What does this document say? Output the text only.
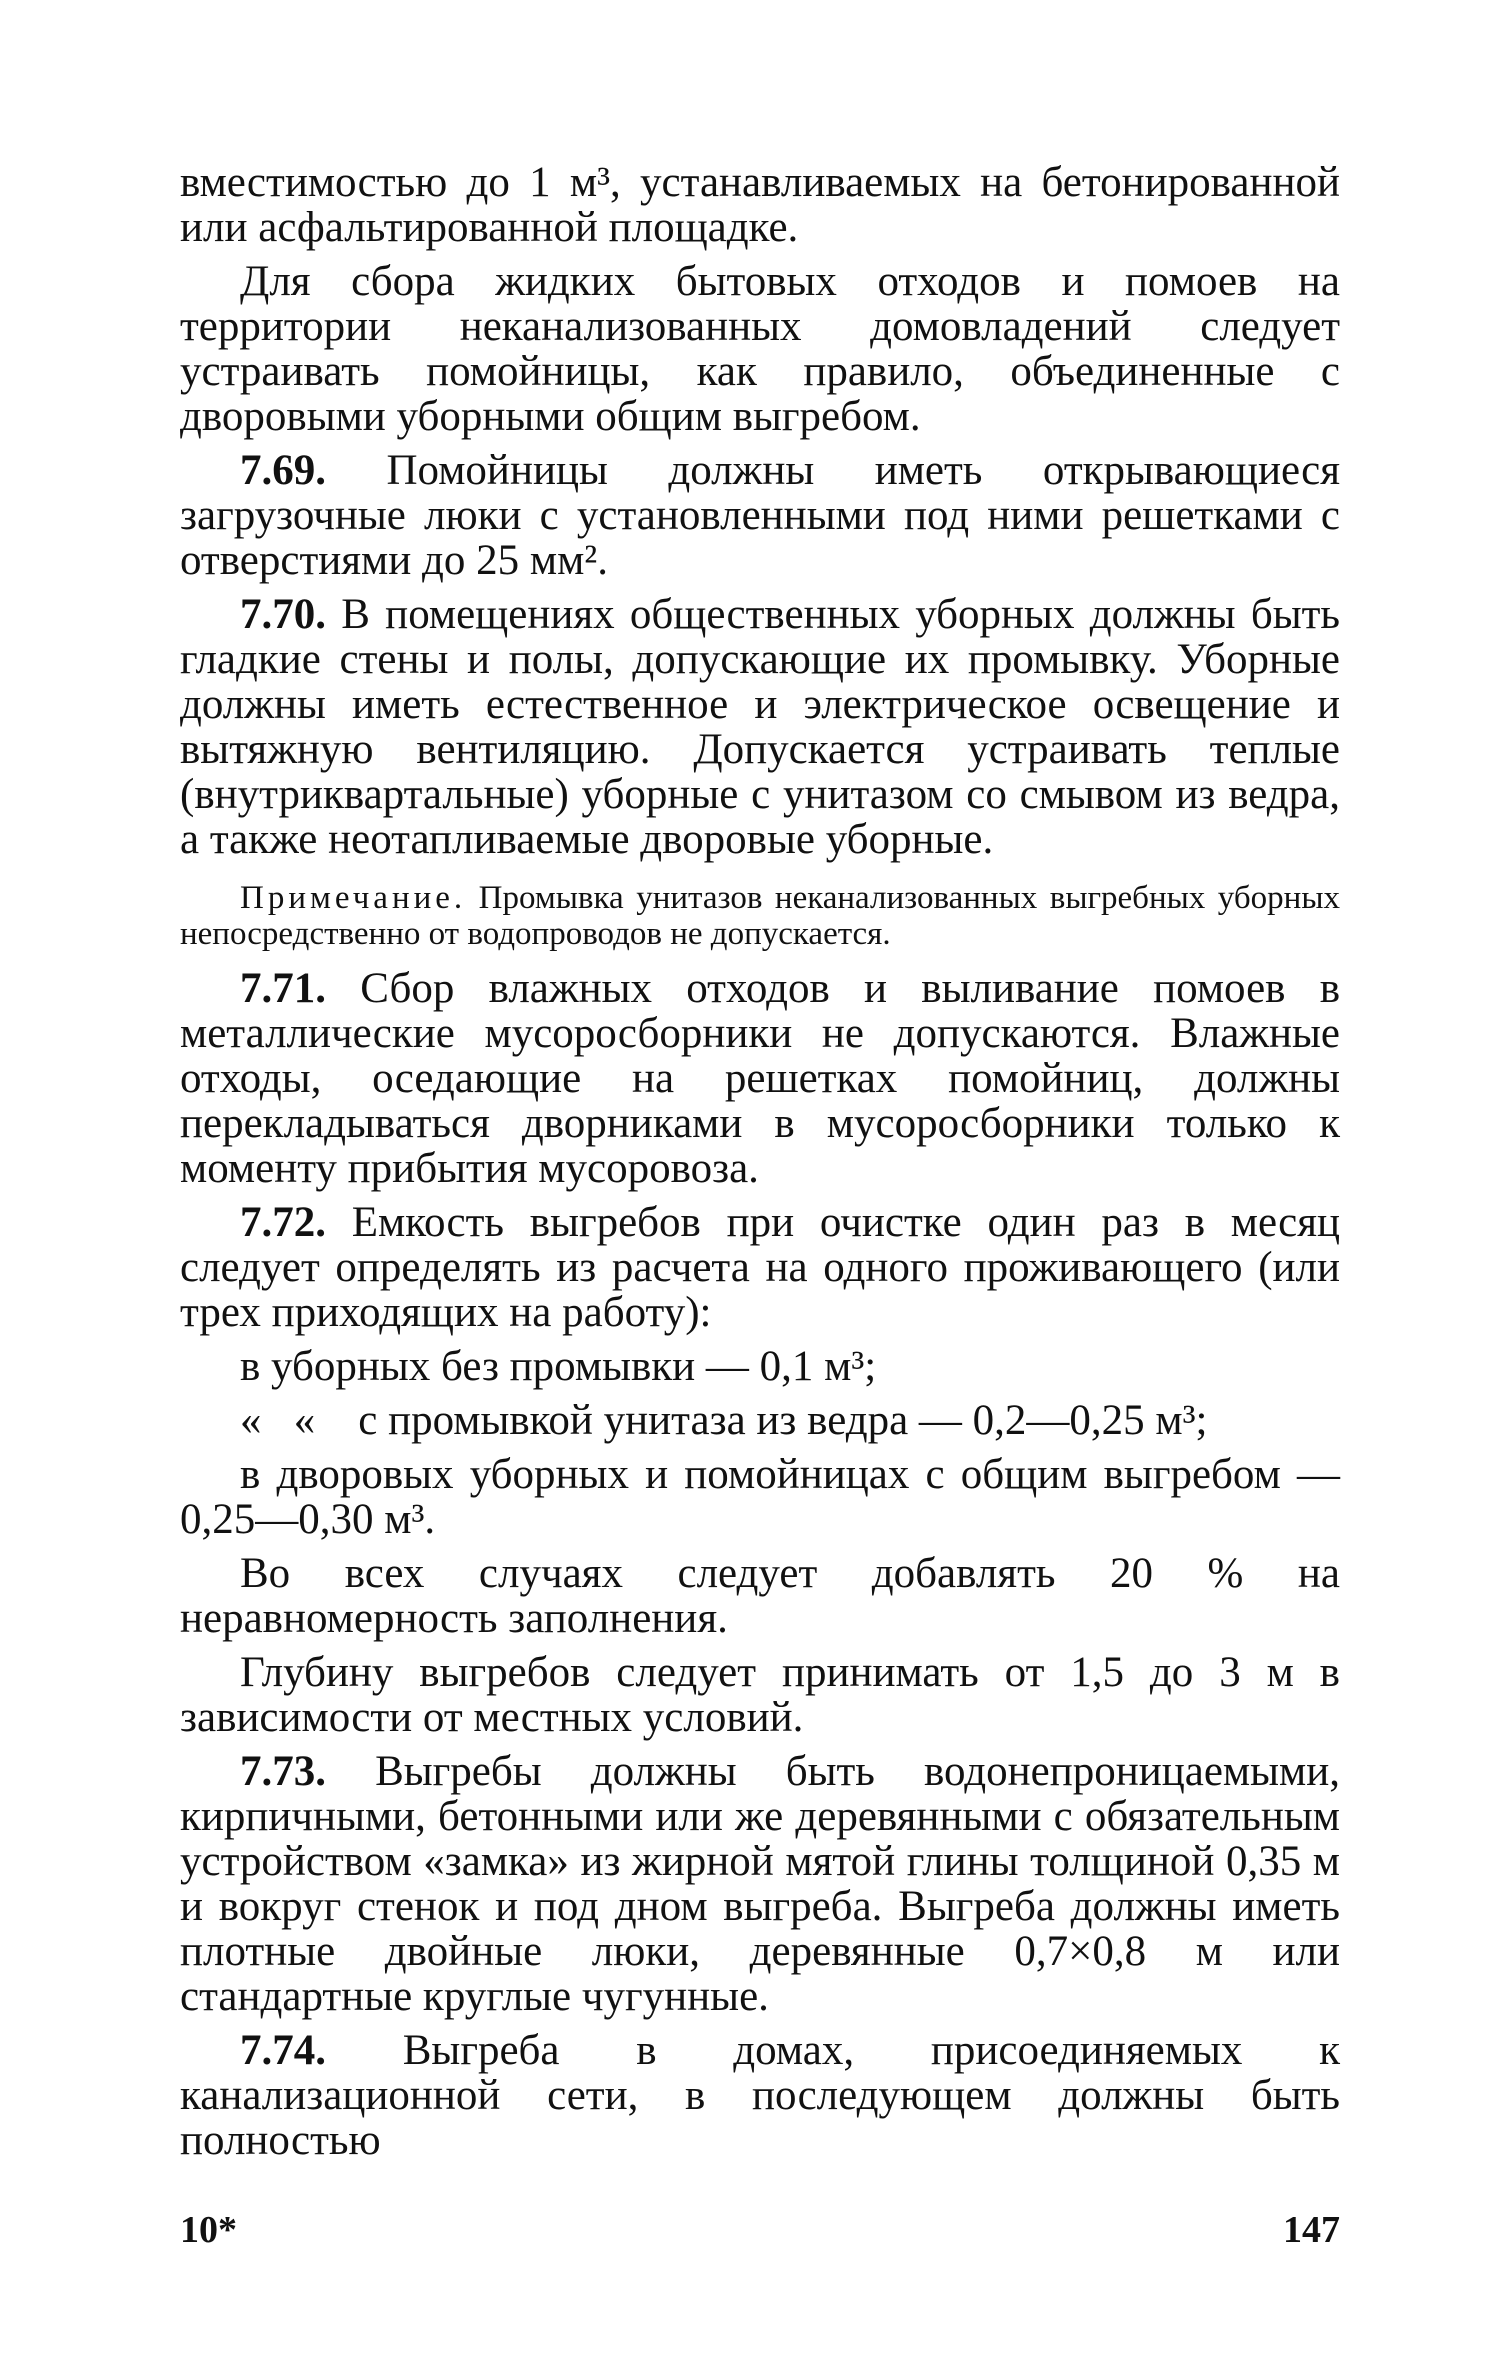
вместимостью до 1 м³, устанавливаемых на бетонированной или асфальтированной площадке.

Для сбора жидких бытовых отходов и помоев на территории неканализованных домовладений следует устраивать помойницы, как правило, объединенные с дворовыми уборными общим выгребом.

7.69. Помойницы должны иметь открывающиеся загрузочные люки с установленными под ними решетками с отверстиями до 25 мм².

7.70. В помещениях общественных уборных должны быть гладкие стены и полы, допускающие их промывку. Уборные должны иметь естественное и электрическое освещение и вытяжную вентиляцию. Допускается устраивать теплые (внутриквартальные) уборные с унитазом со смывом из ведра, а также неотапливаемые дворовые уборные.

Примечание. Промывка унитазов неканализованных выгребных уборных непосредственно от водопроводов не допускается.

7.71. Сбор влажных отходов и выливание помоев в металлические мусоросборники не допускаются. Влажные отходы, оседающие на решетках помойниц, должны перекладываться дворниками в мусоросборники только к моменту прибытия мусоровоза.

7.72. Емкость выгребов при очистке один раз в месяц следует определять из расчета на одного проживающего (или трех приходящих на работу):

в уборных без промывки — 0,1 м³;

«   « с промывкой унитаза из ведра — 0,2—0,25 м³;

в дворовых уборных и помойницах с общим выгребом — 0,25—0,30 м³.

Во всех случаях следует добавлять 20 % на неравномерность заполнения.

Глубину выгребов следует принимать от 1,5 до 3 м в зависимости от местных условий.

7.73. Выгребы должны быть водонепроницаемыми, кирпичными, бетонными или же деревянными с обязательным устройством «замка» из жирной мятой глины толщиной 0,35 м и вокруг стенок и под дном выгреба. Выгреба должны иметь плотные двойные люки, деревянные 0,7×0,8 м или стандартные круглые чугунные.

7.74. Выгреба в домах, присоединяемых к канализационной сети, в последующем должны быть полностью

10*	147
